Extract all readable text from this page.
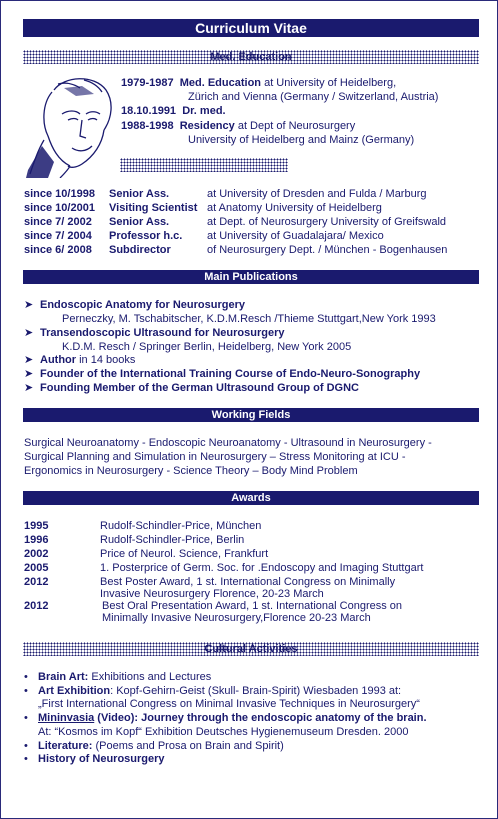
Curriculum Vitae
Med. Education
1979-1987 Med. Education at University of Heidelberg,
Zürich and Vienna (Germany / Switzerland, Austria)
18.10.1991 Dr. med.
1988-1998 Residency at Dept of Neurosurgery
University of Heidelberg and Mainz (Germany)
since 10/1998 Senior Ass.	at University of Dresden and Fulda / Marburg
since 10/2001 Visiting Scientist at Anatomy University of Heidelberg
since 7/ 2002 Senior Ass.	at Dept. of Neurosurgery University of Greifswald
since 7/ 2004 Professor h.c. at University of Guadalajara/ Mexico
since 6/ 2008 Subdirector	of Neurosurgery Dept. / München - Bogenhausen
Main Publications
➤ Endoscopic Anatomy for Neurosurgery
Perneczky, M. Tschabitscher, K.D.M.Resch /Thieme Stuttgart,New York 1993
➤ Transendoscopic Ultrasound for Neurosurgery
K.D.M. Resch / Springer Berlin, Heidelberg, New York 2005
➤ Author in 14 books
➤ Founder of the International Training Course of Endo-Neuro-Sonography
➤ Founding Member of the German Ultrasound Group of DGNC
Working Fields
Surgical Neuroanatomy - Endoscopic Neuroanatomy - Ultrasound in Neurosurgery -
Surgical Planning and Simulation in Neurosurgery – Stress Monitoring at ICU -
Ergonomics in Neurosurgery - Science Theory – Body Mind Problem
Awards
1995	Rudolf-Schindler-Price, München
1996	Rudolf-Schindler-Price, Berlin
2002	Price of Neurol. Science, Frankfurt
2005	1. Posterprice of Germ. Soc. for .Endoscopy and Imaging Stuttgart
2012	Best Poster Award, 1 st. International Congress on Minimally
Invasive Neurosurgery Florence, 20-23 March
2012	Best Oral Presentation Award, 1 st. International Congress on
Minimally Invasive Neurosurgery,Florence 20-23 March
Cultural Activities
• Brain Art: Exhibitions and Lectures
• Art Exhibition: Kopf-Gehirn-Geist (Skull- Brain-Spirit) Wiesbaden 1993 at:
„First International Congress on Minimal Invasive Techniques in Neurosurgery“
• Mininvasia (Video): Journey through the endoscopic anatomy of the brain.
At: “Kosmos im Kopf“ Exhibition Deutsches Hygienemuseum Dresden. 2000
• Literature: (Poems and Prosa on Brain and Spirit)
• History of Neurosurgery
